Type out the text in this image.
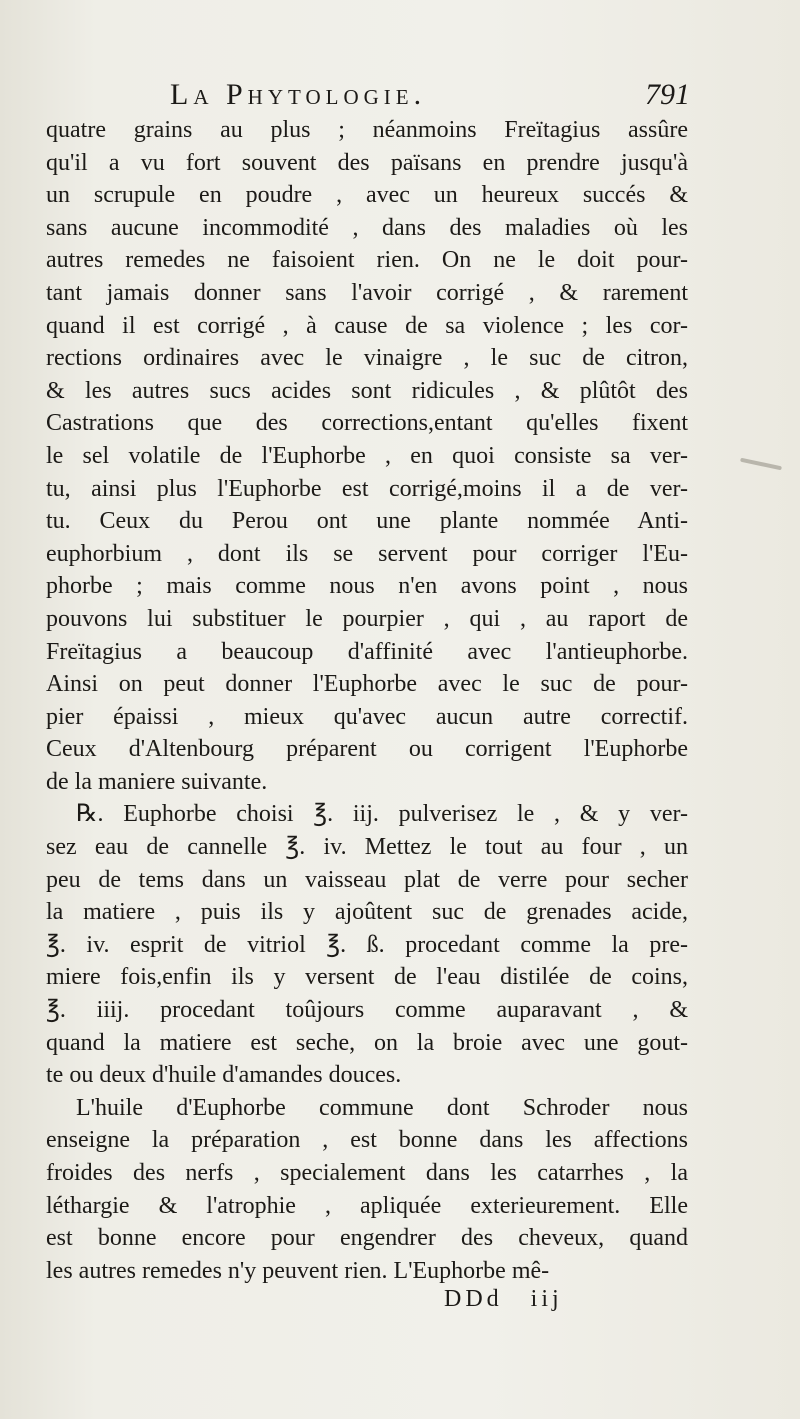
La Phytologie.	791
quatre grains au plus ; néanmoins Freïtagius assûre
qu'il a vu fort souvent des païsans en prendre jusqu'à
un scrupule en poudre , avec un heureux succés &
sans aucune incommodité , dans des maladies où les
autres remedes ne faisoient rien. On ne le doit pour-
tant jamais donner sans l'avoir corrigé , & rarement
quand il est corrigé , à cause de sa violence ; les cor-
rections ordinaires avec le vinaigre , le suc de citron,
& les autres sucs acides sont ridicules , & plûtôt des
Castrations que des corrections,entant qu'elles fixent
le sel volatile de l'Euphorbe , en quoi consiste sa ver-
tu, ainsi plus l'Euphorbe est corrigé,moins il a de ver-
tu. Ceux du Perou ont une plante nommée Anti-
euphorbium , dont ils se servent pour corriger l'Eu-
phorbe ; mais comme nous n'en avons point , nous
pouvons lui substituer le pourpier , qui , au raport de
Freïtagius a beaucoup d'affinité avec l'antieuphorbe.
Ainsi on peut donner l'Euphorbe avec le suc de pour-
pier épaissi , mieux qu'avec aucun autre correctif.
Ceux d'Altenbourg préparent ou corrigent l'Euphorbe
de la maniere suivante.
℞. Euphorbe choisi ℥. iij. pulverisez le , & y ver-
sez eau de cannelle ℥. iv. Mettez le tout au four , un
peu de tems dans un vaisseau plat de verre pour secher
la matiere , puis ils y ajoûtent suc de grenades acide,
℥. iv. esprit de vitriol ℥. ß. procedant comme la pre-
miere fois,enfin ils y versent de l'eau distilée de coins,
℥. iiij. procedant toûjours comme auparavant , &
quand la matiere est seche, on la broie avec une gout-
te ou deux d'huile d'amandes douces.
L'huile d'Euphorbe commune dont Schroder nous
enseigne la préparation , est bonne dans les affections
froides des nerfs , specialement dans les catarrhes , la
léthargie & l'atrophie , apliquée exterieurement. Elle
est bonne encore pour engendrer des cheveux, quand
les autres remedes n'y peuvent rien. L'Euphorbe mê-
DDd iij
